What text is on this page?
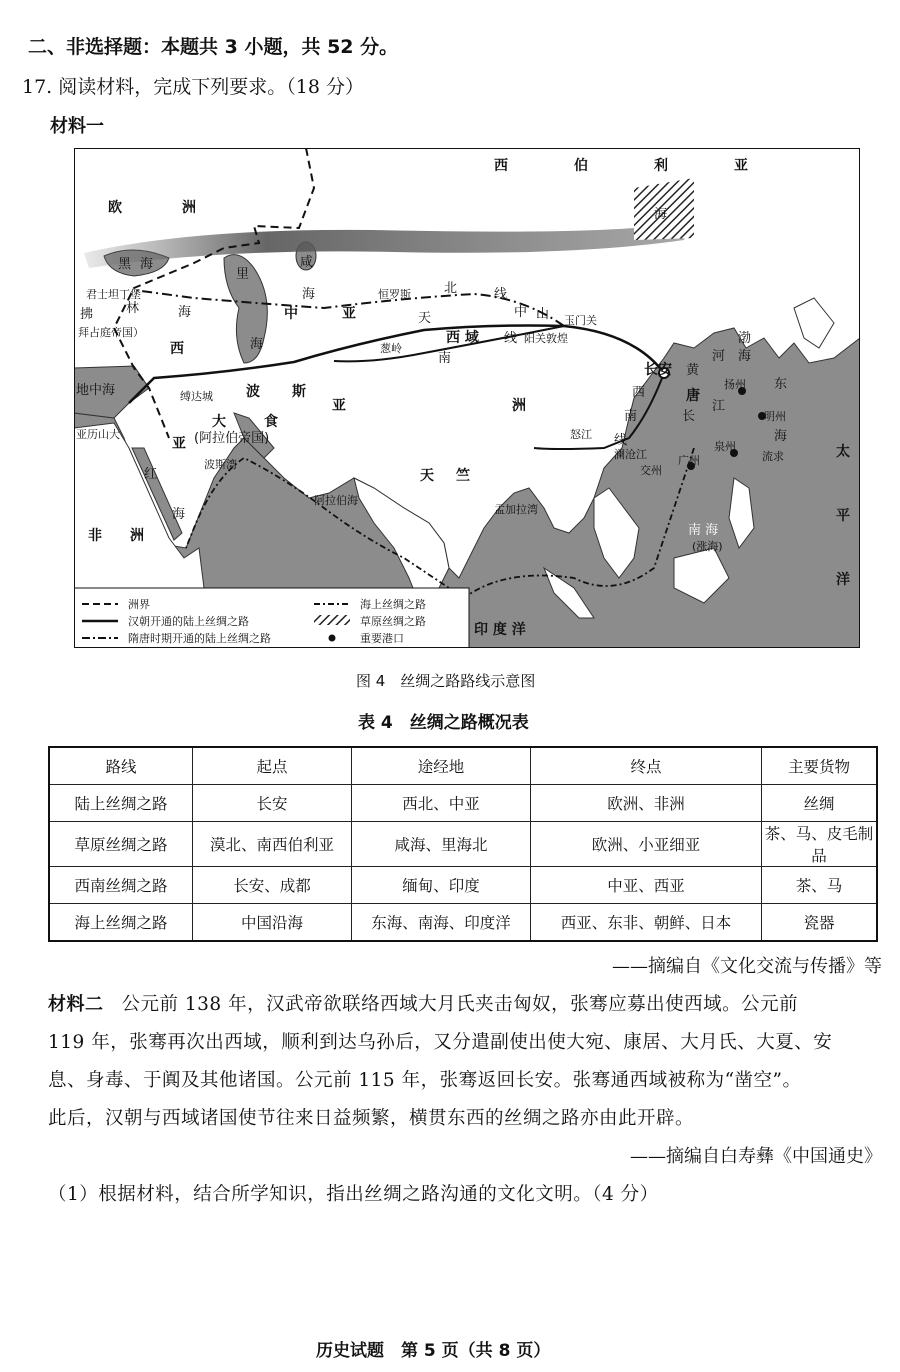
二、非选择题：本题共 3 小题，共 52 分。
17. 阅读材料，完成下列要求。（18 分）
材料一
西	伯	利	亚
欧	洲
黑 海
君士坦丁堡
拂	林	海
拜占庭帝国）
里
海
中	亚
咸
海
西
恒罗斯	北	线
天	中 山 玉门关
西 域
南
线 阳关敦煌
葱岭
地中海	缚达城 波 斯
大	食
(阿拉伯帝国)
亚
亚
波斯湾
亚历山大
红
海
天 竺
阿拉伯海
孟加拉湾
印 度 洋
非 洲
洲
长安
唐
黄
河
长
江
渤
海
扬州
明州
东
海
广州
泉州
交州
澜沧江
怒江
西
南
线
南 海
(涨海)
太
平
洋
流求
海
洲界
汉朝开通的陆上丝绸之路
隋唐时期开通的陆上丝绸之路
海上丝绸之路
草原丝绸之路
重要港口
图 4　丝绸之路路线示意图
表 4　丝绸之路概况表
路线	起点	途经地	终点	主要货物
陆上丝绸之路	长安	西北、中亚	欧洲、非洲	丝绸
草原丝绸之路	漠北、南西伯利亚	咸海、里海北	欧洲、小亚细亚	茶、马、皮毛制品
西南丝绸之路	长安、成都	缅甸、印度	中亚、西亚	茶、马
海上丝绸之路	中国沿海	东海、南海、印度洋	西亚、东非、朝鲜、日本	瓷器
——摘编自《文化交流与传播》等
材料二 公元前 138 年，汉武帝欲联络西域大月氏夹击匈奴，张骞应募出使西域。公元前
119 年，张骞再次出西域，顺利到达乌孙后，又分遣副使出使大宛、康居、大月氏、大夏、安
息、身毒、于阗及其他诸国。公元前 115 年，张骞返回长安。张骞通西域被称为“凿空”。
此后，汉朝与西域诸国使节往来日益频繁，横贯东西的丝绸之路亦由此开辟。
——摘编自白寿彝《中国通史》
（1）根据材料，结合所学知识，指出丝绸之路沟通的文化文明。（4 分）
历史试题　第 5 页（共 8 页）
